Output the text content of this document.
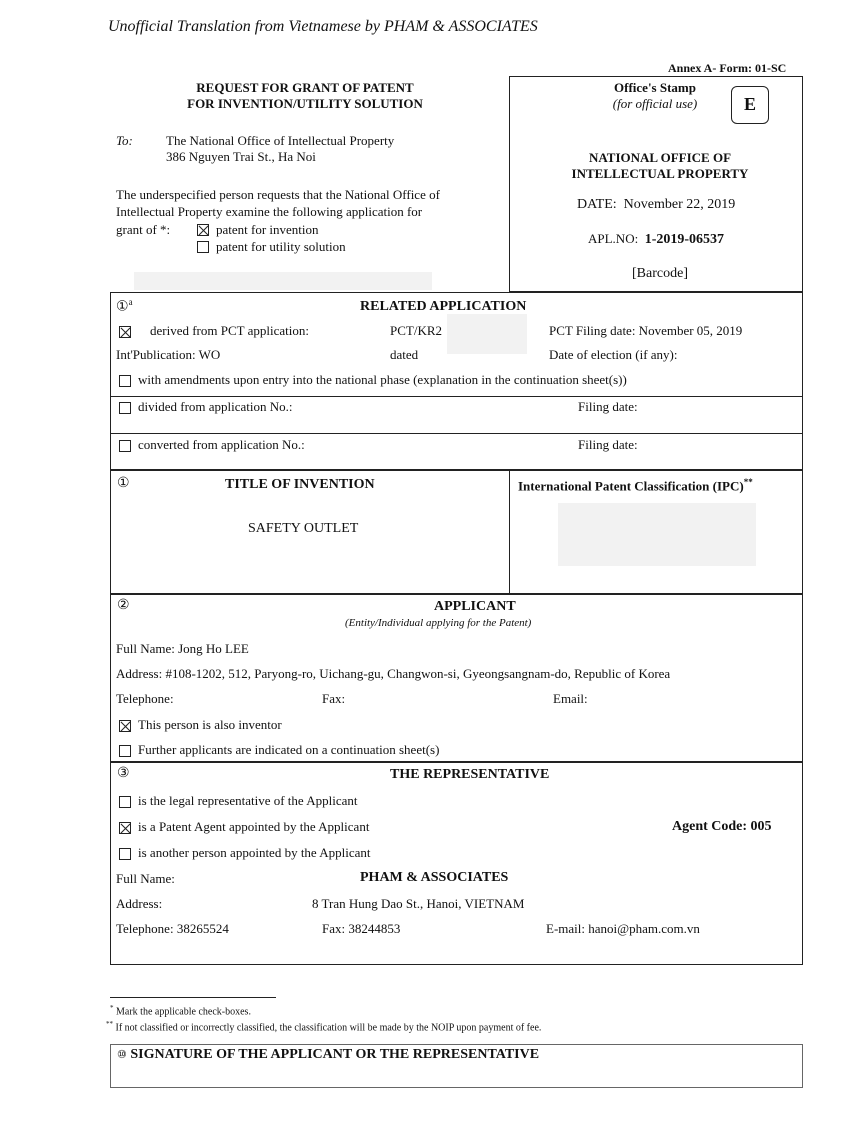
Unofficial Translation from Vietnamese by PHAM & ASSOCIATES
Annex A- Form: 01-SC
REQUEST FOR GRANT OF PATENT
FOR INVENTION/UTILITY SOLUTION
To:	The National Office of Intellectual Property
386 Nguyen Trai St., Ha Noi
The underspecified person requests that the National Office of
Intellectual Property examine the following application for
grant of *:	patent for invention
patent for utility solution
Office's Stamp
(for official use)	E
NATIONAL OFFICE OF
INTELLECTUAL PROPERTY
DATE: November 22, 2019
APL.NO: 1-2019-06537
[Barcode]
①$^a$	RELATED APPLICATION
derived from PCT application:	PCT/KR2	PCT Filing date: November 05, 2019
Int'Publication: WO	dated	Date of election (if any):
with amendments upon entry into the national phase (explanation in the continuation sheet(s))
divided from application No.:	Filing date:
converted from application No.:	Filing date:
①	TITLE OF INVENTION
SAFETY OUTLET
International Patent Classification (IPC)**
②	APPLICANT
(Entity/Individual applying for the Patent)
Full Name: Jong Ho LEE
Address: #108-1202, 512, Paryong-ro, Uichang-gu, Changwon-si, Gyeongsangnam-do, Republic of Korea
Telephone:	Fax:	Email:
This person is also inventor
Further applicants are indicated on a continuation sheet(s)
③	THE REPRESENTATIVE
is the legal representative of the Applicant
is a Patent Agent appointed by the Applicant	Agent Code: 005
is another person appointed by the Applicant
Full Name:	PHAM & ASSOCIATES
Address:	8 Tran Hung Dao St., Hanoi, VIETNAM
Telephone: 38265524	Fax: 38244853	E-mail: hanoi@pham.com.vn
* Mark the applicable check-boxes.
** If not classified or incorrectly classified, the classification will be made by the NOIP upon payment of fee.
⑩ SIGNATURE OF THE APPLICANT OR THE REPRESENTATIVE
